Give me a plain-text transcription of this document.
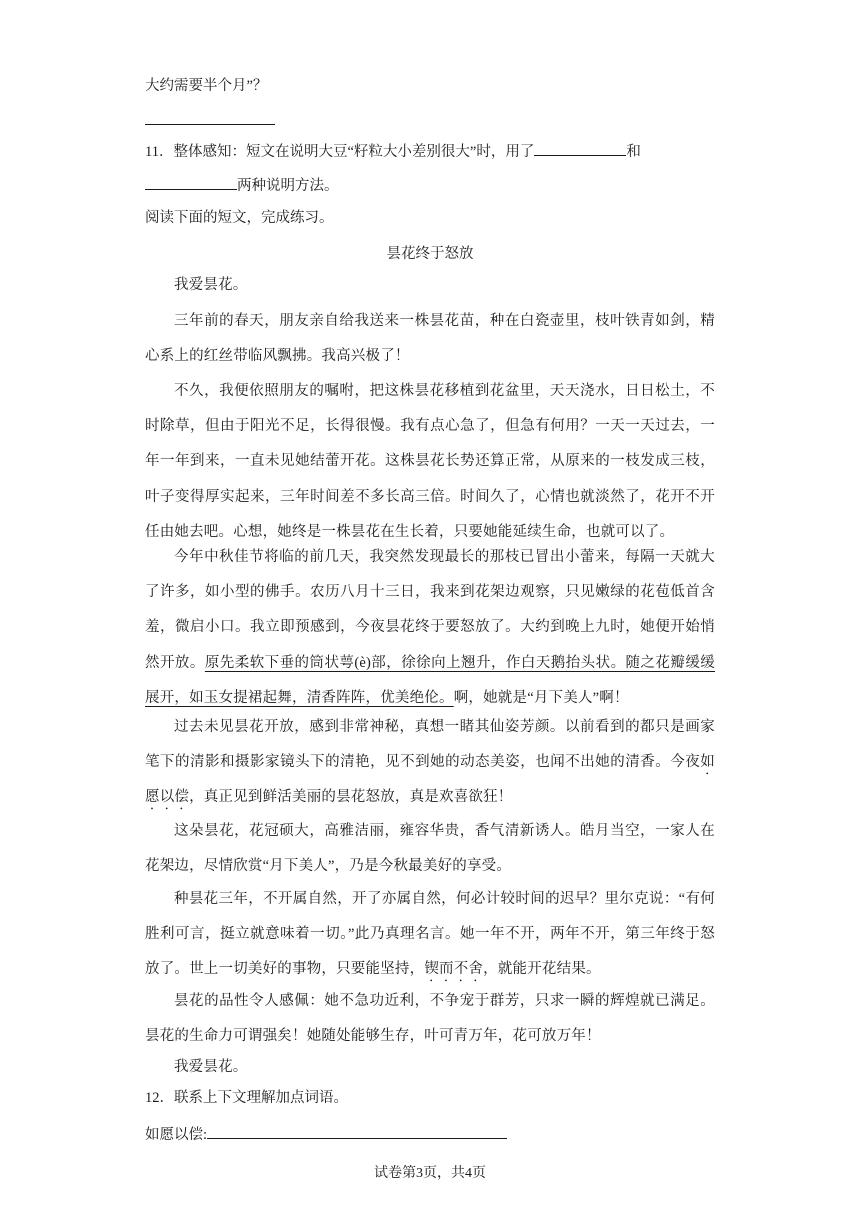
大约需要半个月”？
11．整体感知：短文在说明大豆“籽粒大小差别很大”时，用了	和
两种说明方法。
阅读下面的短文，完成练习。
昙花终于怒放
我爱昙花。
三年前的春天，朋友亲自给我送来一株昙花苗，种在白瓷壶里，枝叶铁青如剑，精心系上的红丝带临风飘拂。我高兴极了！
不久，我便依照朋友的嘱咐，把这株昙花移植到花盆里，天天浇水，日日松土，不时除草，但由于阳光不足，长得很慢。我有点心急了，但急有何用？一天一天过去，一年一年到来，一直未见她结蕾开花。这株昙花长势还算正常，从原来的一枝发成三枝，叶子变得厚实起来，三年时间差不多长高三倍。时间久了，心情也就淡然了，花开不开任由她去吧。心想，她终是一株昙花在生长着，只要她能延续生命，也就可以了。
今年中秋佳节将临的前几天，我突然发现最长的那枝已冒出小蕾来，每隔一天就大了许多，如小型的佛手。农历八月十三日，我来到花架边观察，只见嫩绿的花苞低首含羞，微启小口。我立即预感到，今夜昙花终于要怒放了。大约到晚上九时，她便开始悄然开放。原先柔软下垂的筒状萼(è)部，徐徐向上翘升，作白天鹅抬头状。随之花瓣缓缓展开，如玉女提裙起舞，清香阵阵，优美绝伦。啊，她就是“月下美人”啊！
过去未见昙花开放，感到非常神秘，真想一睹其仙姿芳颜。以前看到的都只是画家笔下的清影和摄影家镜头下的清艳，见不到她的动态美姿，也闻不出她的清香。今夜如愿以偿，真正见到鲜活美丽的昙花怒放，真是欢喜欲狂！
这朵昙花，花冠硕大，高雅洁丽，雍容华贵，香气清新诱人。皓月当空，一家人在花架边，尽情欣赏“月下美人”，乃是今秋最美好的享受。
种昙花三年，不开属自然，开了亦属自然，何必计较时间的迟早？里尔克说：“有何胜利可言，挺立就意味着一切。”此乃真理名言。她一年不开，两年不开，第三年终于怒放了。世上一切美好的事物，只要能坚持，锲而不舍，就能开花结果。
昙花的品性令人感佩：她不急功近利，不争宠于群芳，只求一瞬的辉煌就已满足。昙花的生命力可谓强矣！她随处能够生存，叶可青万年，花可放万年！
我爱昙花。
12．联系上下文理解加点词语。
如愿以偿:
试卷第3页，共4页
